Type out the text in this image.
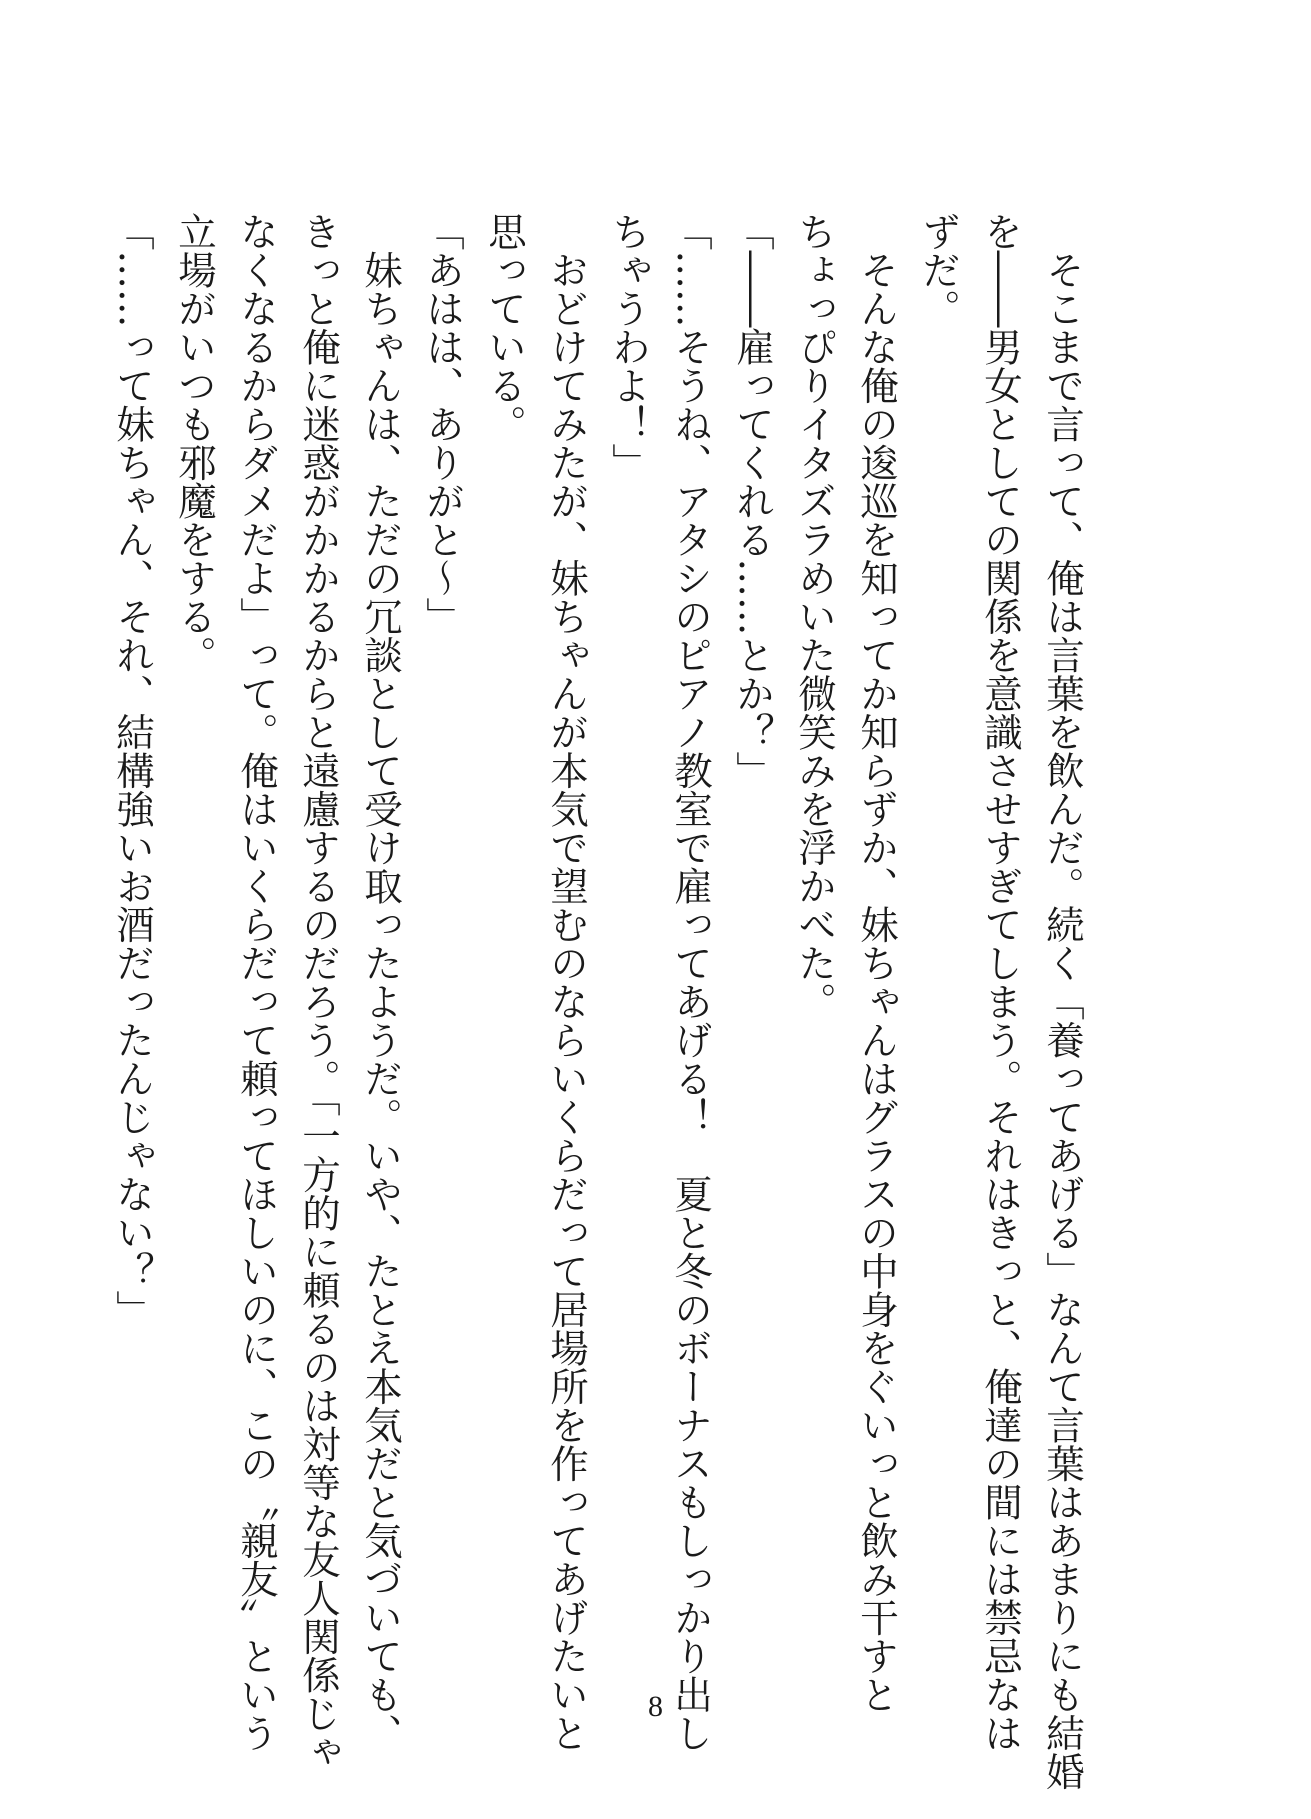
　そこまで言って、俺は言葉を飲んだ。続く「養ってあげる」なんて言葉はあまりにも結婚
を――男女としての関係を意識させすぎてしまう。それはきっと、俺達の間には禁忌なは
ずだ。
　そんな俺の逡巡を知ってか知らずか、妹ちゃんはグラスの中身をぐいっと飲み干すと
ちょっぴりイタズラめいた微笑みを浮かべた。
「――雇ってくれる……とか？」
「……そうね、アタシのピアノ教室で雇ってあげる！　夏と冬のボーナスもしっかり出し
ちゃうわよ！」
　おどけてみたが、妹ちゃんが本気で望むのならいくらだって居場所を作ってあげたいと
思っている。
「あはは、ありがと～」
　妹ちゃんは、ただの冗談として受け取ったようだ。いや、たとえ本気だと気づいても、
きっと俺に迷惑がかかるからと遠慮するのだろう。「一方的に頼るのは対等な友人関係じゃ
なくなるからダメだよ」って。俺はいくらだって頼ってほしいのに、この〝親友〟という
立場がいつも邪魔をする。
「……って妹ちゃん、それ、結構強いお酒だったんじゃない？」
8
